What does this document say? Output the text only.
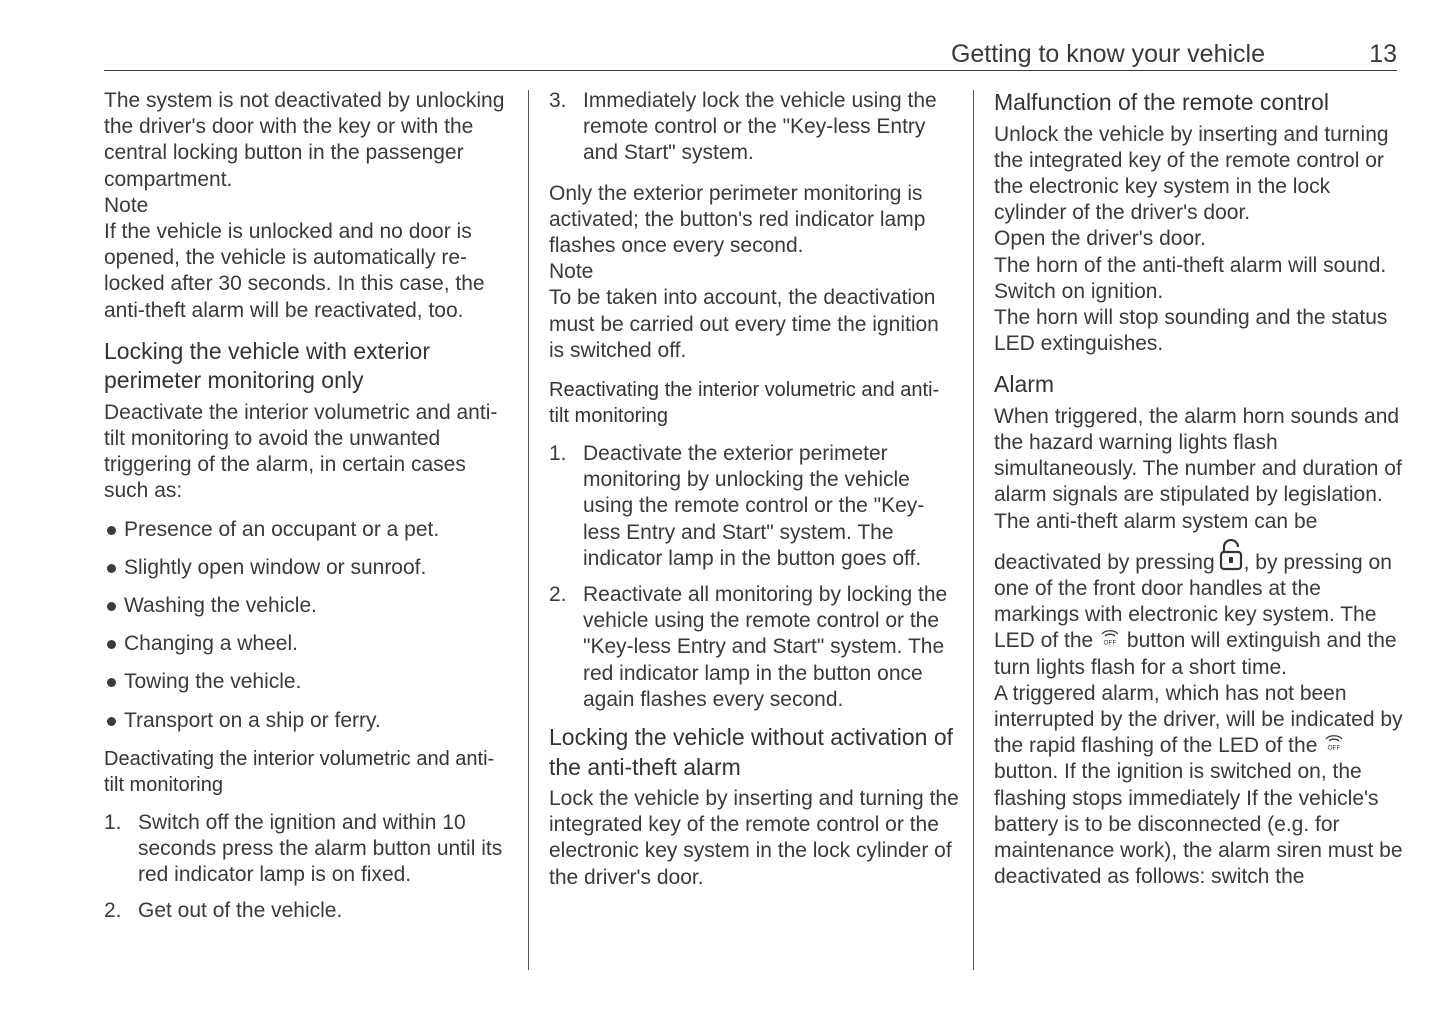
Getting to know your vehicle	13

The system is not deactivated by unlocking the driver's door with the key or with the central locking button in the passenger compartment.

Note

If the vehicle is unlocked and no door is opened, the vehicle is automatically re-locked after 30 seconds. In this case, the anti-theft alarm will be reactivated, too.

Locking the vehicle with exterior perimeter monitoring only

Deactivate the interior volumetric and anti-tilt monitoring to avoid the unwanted triggering of the alarm, in certain cases such as:

Presence of an occupant or a pet.
Slightly open window or sunroof.
Washing the vehicle.
Changing a wheel.
Towing the vehicle.
Transport on a ship or ferry.

Deactivating the interior volumetric and anti-tilt monitoring

1. Switch off the ignition and within 10 seconds press the alarm button until its red indicator lamp is on fixed.
2. Get out of the vehicle.
3. Immediately lock the vehicle using the remote control or the "Key-less Entry and Start" system.

Only the exterior perimeter monitoring is activated; the button's red indicator lamp flashes once every second.

Note

To be taken into account, the deactivation must be carried out every time the ignition is switched off.

Reactivating the interior volumetric and anti-tilt monitoring

1. Deactivate the exterior perimeter monitoring by unlocking the vehicle using the remote control or the "Key-less Entry and Start" system. The indicator lamp in the button goes off.
2. Reactivate all monitoring by locking the vehicle using the remote control or the "Key-less Entry and Start" system. The red indicator lamp in the button once again flashes every second.

Locking the vehicle without activation of the anti-theft alarm

Lock the vehicle by inserting and turning the integrated key of the remote control or the electronic key system in the lock cylinder of the driver's door.

Malfunction of the remote control

Unlock the vehicle by inserting and turning the integrated key of the remote control or the electronic key system in the lock cylinder of the driver's door.

Open the driver's door.

The horn of the anti-theft alarm will sound.

Switch on ignition.

The horn will stop sounding and the status LED extinguishes.

Alarm

When triggered, the alarm horn sounds and the hazard warning lights flash simultaneously. The number and duration of alarm signals are stipulated by legislation.

The anti-theft alarm system can be

deactivated by pressing , by pressing on one of the front door handles at the markings with electronic key system. The LED of the OFF button will extinguish and the turn lights flash for a short time.

A triggered alarm, which has not been interrupted by the driver, will be indicated by the rapid flashing of the LED of the OFF
button. If the ignition is switched on, the flashing stops immediately If the vehicle's battery is to be disconnected (e.g. for maintenance work), the alarm siren must be deactivated as follows: switch the
